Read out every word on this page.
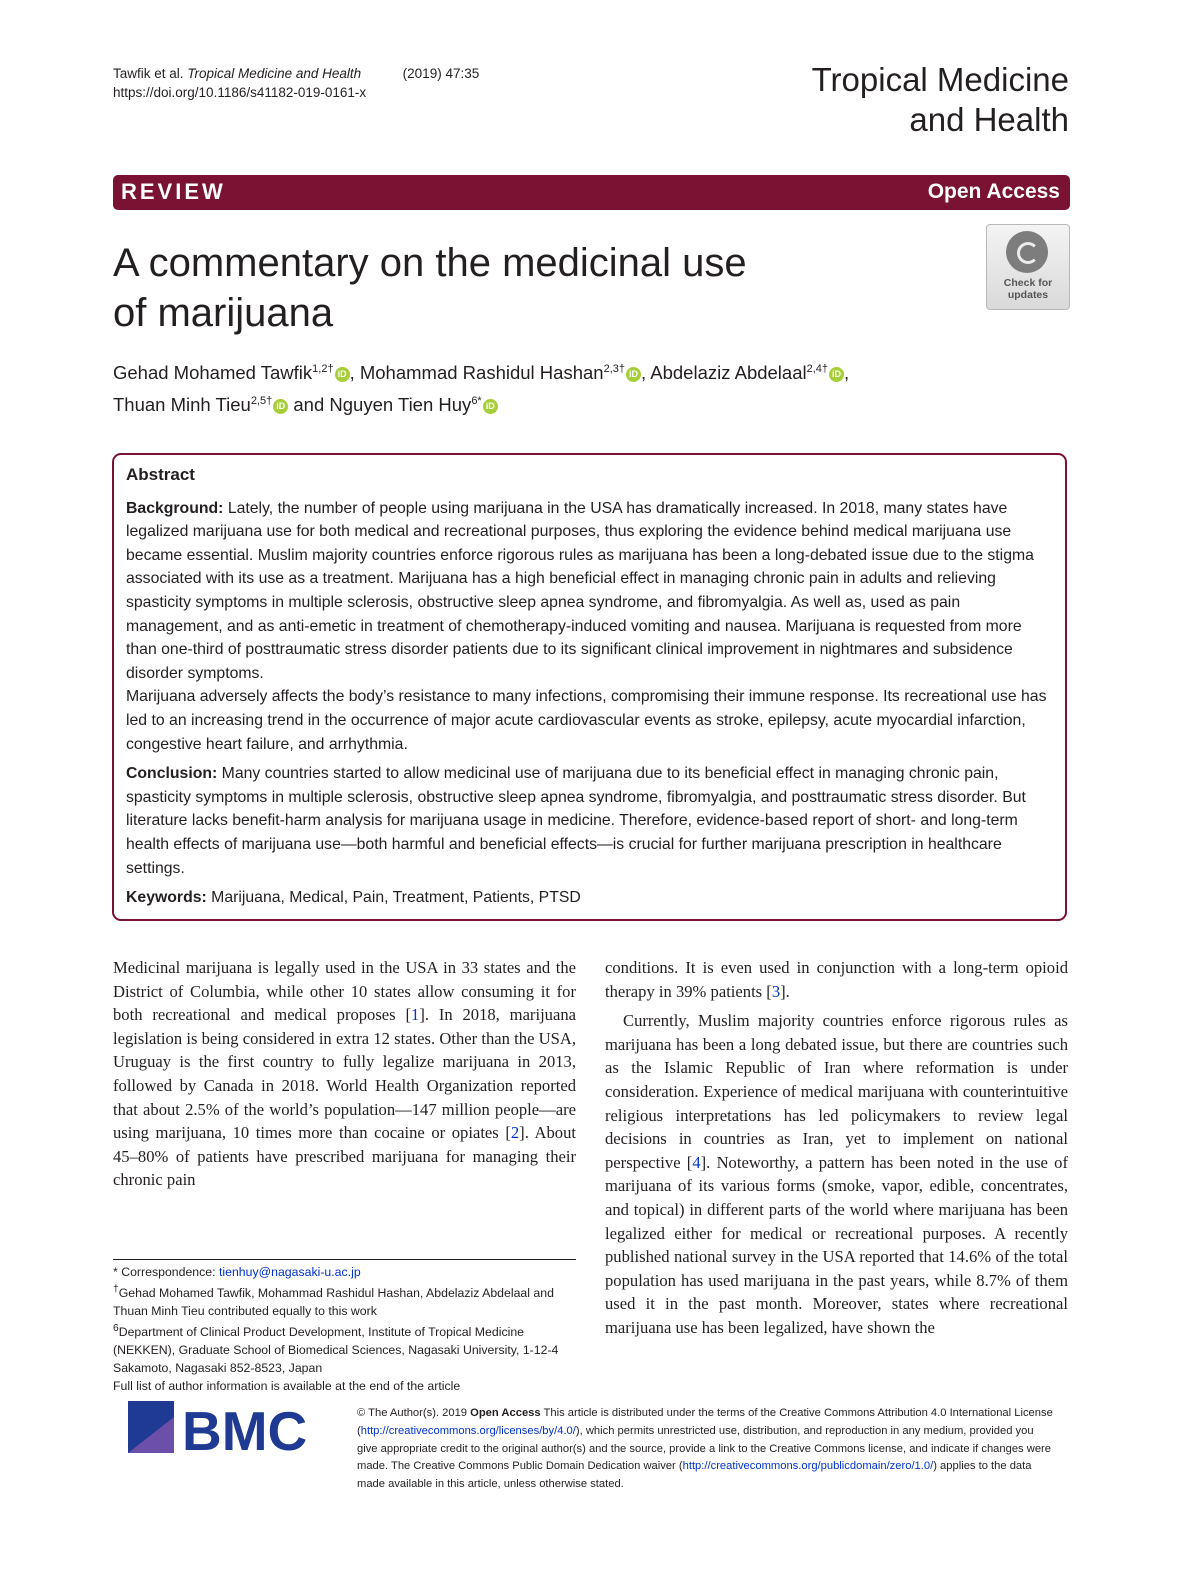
Tawfik et al. Tropical Medicine and Health	(2019) 47:35
https://doi.org/10.1186/s41182-019-0161-x	Tropical Medicine
and Health
REVIEW	Open Access
A commentary on the medicinal use
of marijuana
Check for
updates
Gehad Mohamed Tawfik$^{1,2\dagger}$ iD , Mohammad Rashidul Hashan$^{2,3\dagger}$ iD , Abdelaziz Abdelaal$^{2,4\dagger}$ iD ,
Thuan Minh Tieu$^{2,5\dagger}$ iD and Nguyen Tien Huy$^{6*}$ iD
Abstract

Background: Lately, the number of people using marijuana in the USA has dramatically increased. In 2018, many states have legalized marijuana use for both medical and recreational purposes, thus exploring the evidence behind medical marijuana use became essential. Muslim majority countries enforce rigorous rules as marijuana has been a long-debated issue due to the stigma associated with its use as a treatment. Marijuana has a high beneficial effect in managing chronic pain in adults and relieving spasticity symptoms in multiple sclerosis, obstructive sleep apnea syndrome, and fibromyalgia. As well as, used as pain management, and as anti-emetic in treatment of chemotherapy-induced vomiting and nausea. Marijuana is requested from more than one-third of posttraumatic stress disorder patients due to its significant clinical improvement in nightmares and subsidence disorder symptoms.

Marijuana adversely affects the body’s resistance to many infections, compromising their immune response. Its recreational use has led to an increasing trend in the occurrence of major acute cardiovascular events as stroke, epilepsy, acute myocardial infarction, congestive heart failure, and arrhythmia.

Conclusion: Many countries started to allow medicinal use of marijuana due to its beneficial effect in managing chronic pain, spasticity symptoms in multiple sclerosis, obstructive sleep apnea syndrome, fibromyalgia, and posttraumatic stress disorder. But literature lacks benefit-harm analysis for marijuana usage in medicine. Therefore, evidence-based report of short- and long-term health effects of marijuana use—both harmful and beneficial effects—is crucial for further marijuana prescription in healthcare settings.

Keywords: Marijuana, Medical, Pain, Treatment, Patients, PTSD

Medicinal marijuana is legally used in the USA in 33 states and the District of Columbia, while other 10 states allow consuming it for both recreational and medical proposes [1]. In 2018, marijuana legislation is being considered in extra 12 states. Other than the USA, Uruguay is the first country to fully legalize marijuana in 2013, followed by Canada in 2018. World Health Organization reported that about 2.5% of the world’s population—147 million people—are using marijuana, 10 times more than cocaine or opiates [2]. About 45–80% of patients have prescribed marijuana for managing their chronic pain

conditions. It is even used in conjunction with a long-term opioid therapy in 39% patients [3].

Currently, Muslim majority countries enforce rigorous rules as marijuana has been a long debated issue, but there are countries such as the Islamic Republic of Iran where reformation is under consideration. Experience of medical marijuana with counterintuitive religious interpretations has led policymakers to review legal decisions in countries as Iran, yet to implement on national perspective [4]. Noteworthy, a pattern has been noted in the use of marijuana of its various forms (smoke, vapor, edible, concentrates, and topical) in different parts of the world where marijuana has been legalized either for medical or recreational purposes. A recently published national survey in the USA reported that 14.6% of the total population has used marijuana in the past years, while 8.7% of them used it in the past month. Moreover, states where recreational marijuana use has been legalized, have shown the

* Correspondence: tienhuy@nagasaki-u.ac.jp

†Gehad Mohamed Tawfik, Mohammad Rashidul Hashan, Abdelaziz Abdelaal and Thuan Minh Tieu contributed equally to this work

$^6$Department of Clinical Product Development, Institute of Tropical Medicine (NEKKEN), Graduate School of Biomedical Sciences, Nagasaki University, 1-12-4 Sakamoto, Nagasaki 852-8523, Japan

Full list of author information is available at the end of the article

BMC	© The Author(s). 2019 Open Access This article is distributed under the terms of the Creative Commons Attribution 4.0 International License (http://creativecommons.org/licenses/by/4.0/), which permits unrestricted use, distribution, and reproduction in any medium, provided you give appropriate credit to the original author(s) and the source, provide a link to the Creative Commons license, and indicate if changes were made. The Creative Commons Public Domain Dedication waiver (http://creativecommons.org/publicdomain/zero/1.0/) applies to the data made available in this article, unless otherwise stated.
